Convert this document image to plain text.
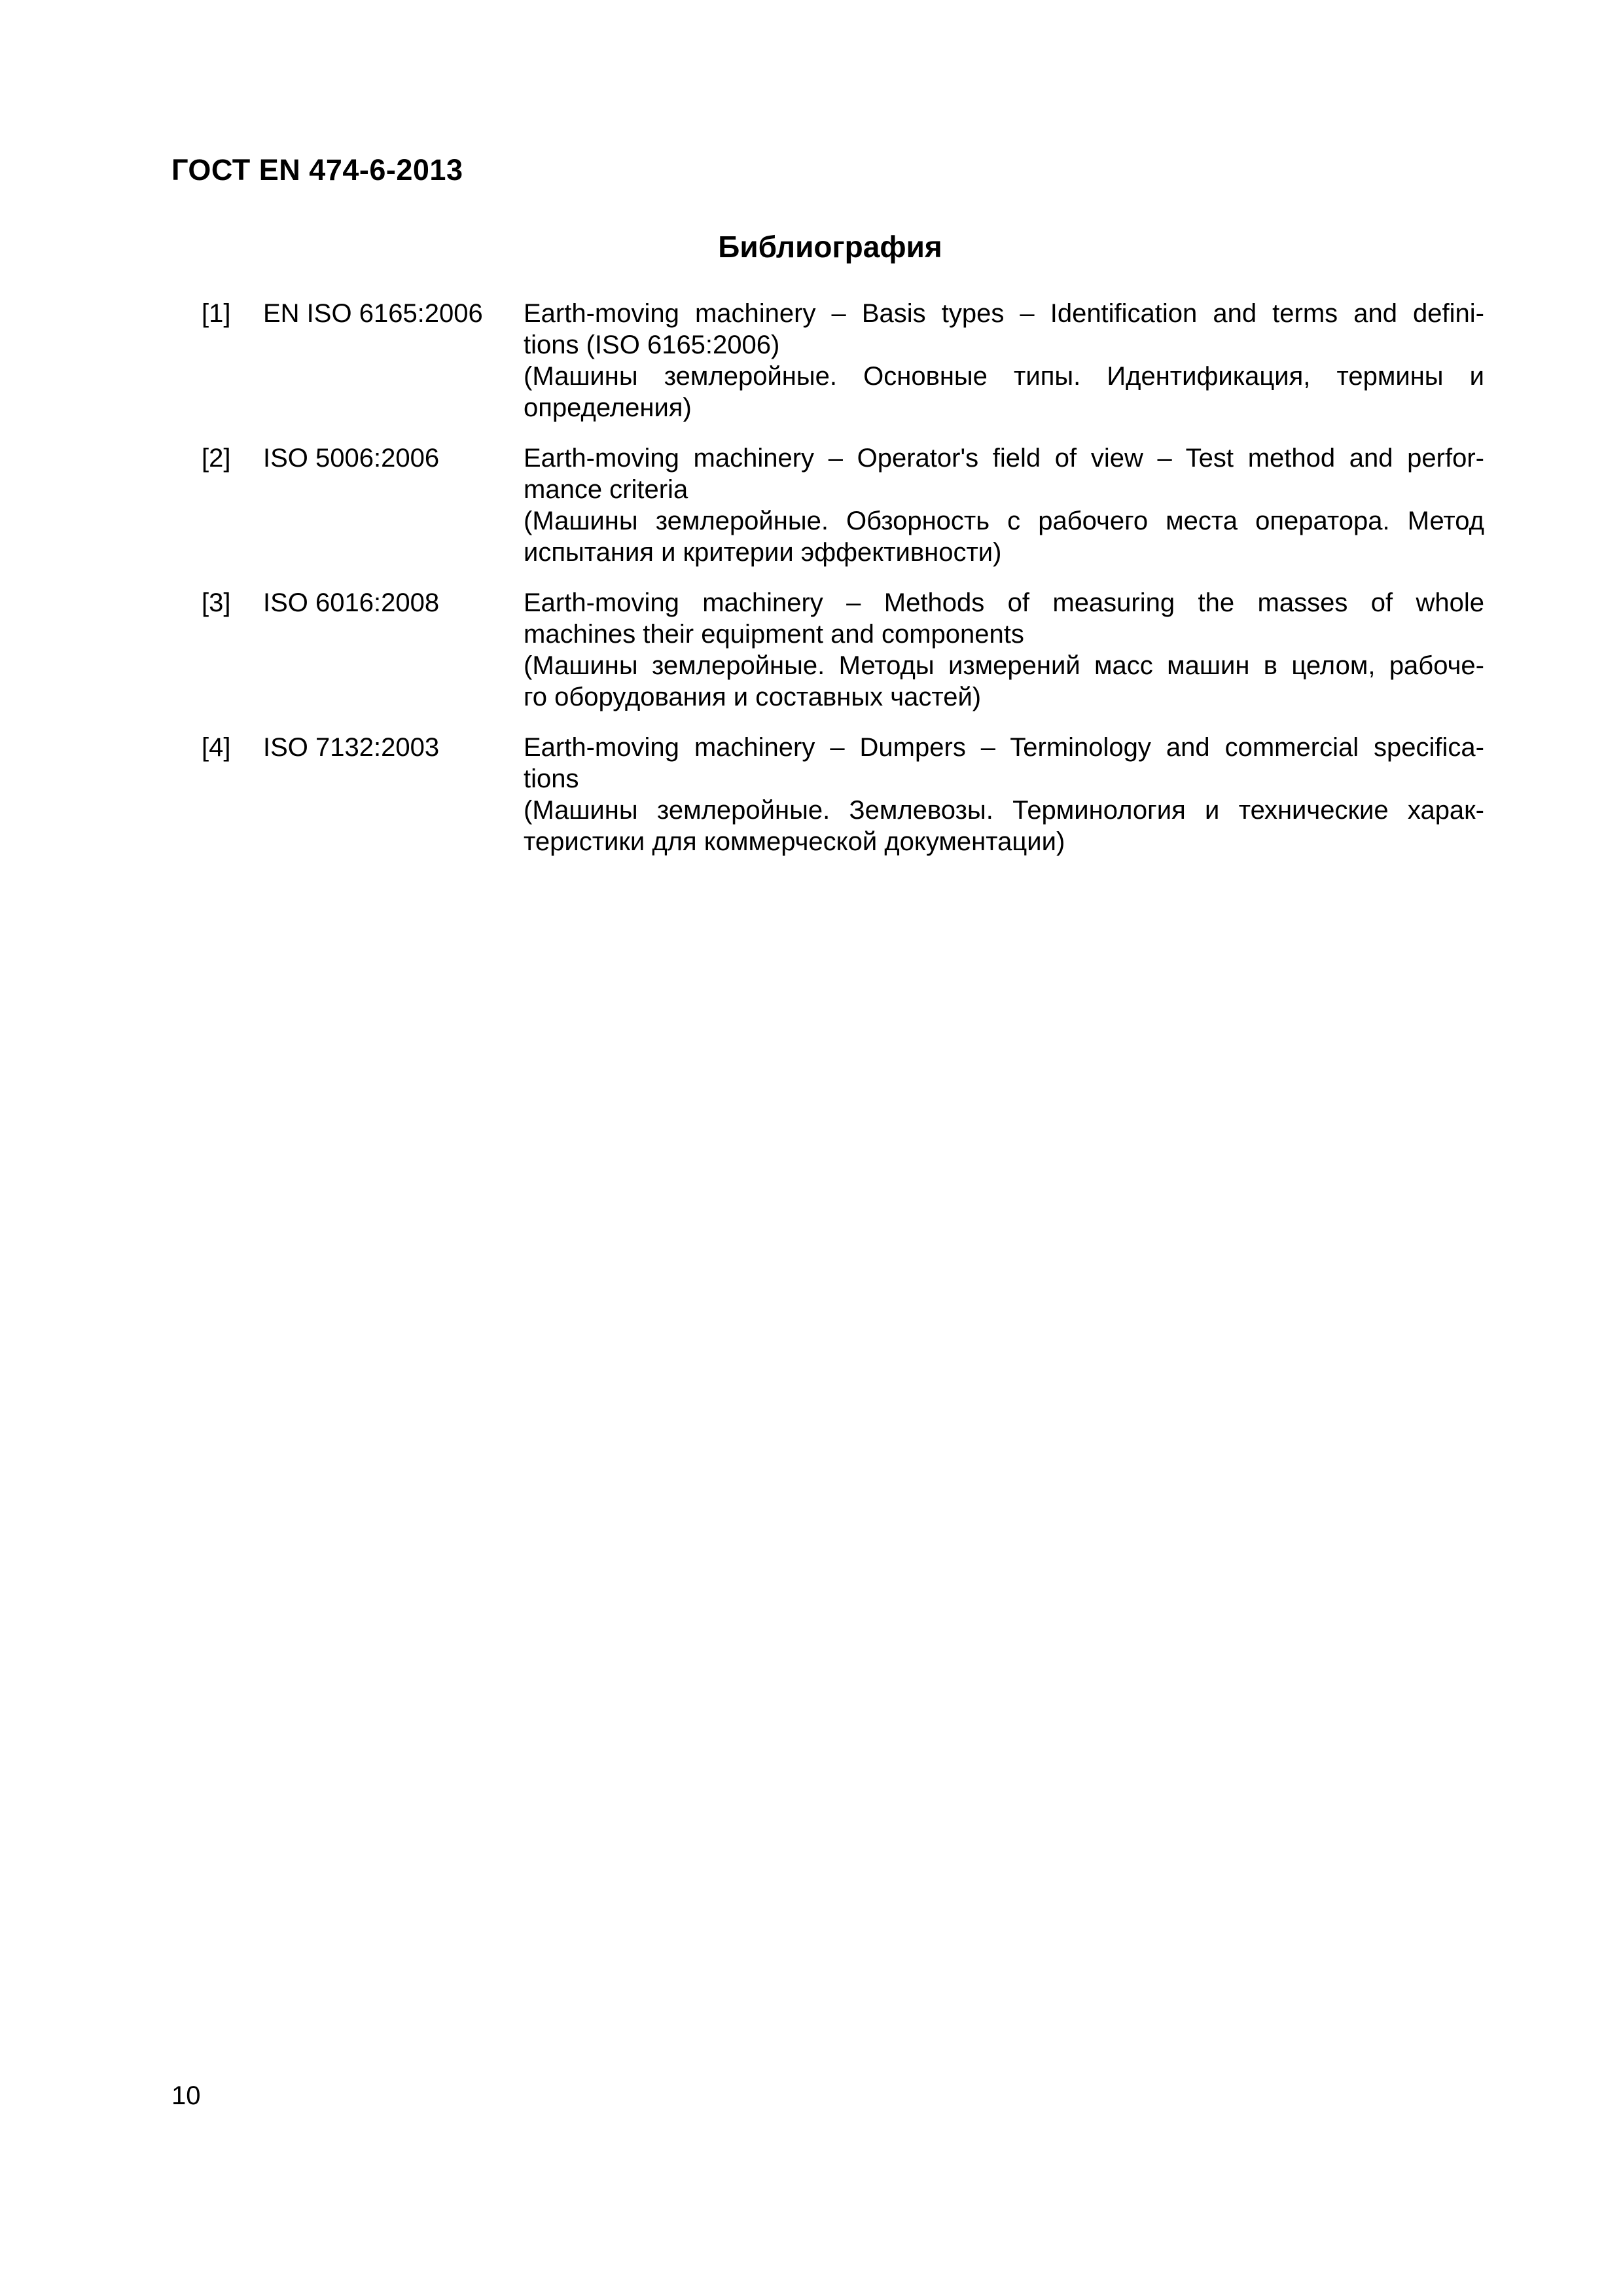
ГОСТ EN 474-6-2013
Библиография
[1]	EN ISO 6165:2006	Earth-moving machinery – Basis types – Identification and terms and defini-
tions (ISO 6165:2006)
(Машины землеройные. Основные типы. Идентификация, термины и
определения)
[2]	ISO 5006:2006	Earth-moving machinery – Operator's field of view – Test method and perfor-
mance criteria
(Машины землеройные. Обзорность с рабочего места оператора. Метод
испытания и критерии эффективности)
[3]	ISO 6016:2008	Earth-moving machinery – Methods of measuring the masses of whole
machines their equipment and components
(Машины землеройные. Методы измерений масс машин в целом, рабоче-
го оборудования и составных частей)
[4]	ISO 7132:2003	Earth-moving machinery – Dumpers – Terminology and commercial specifica-
tions
(Машины землеройные. Землевозы. Терминология и технические харак-
теристики для коммерческой документации)
10
